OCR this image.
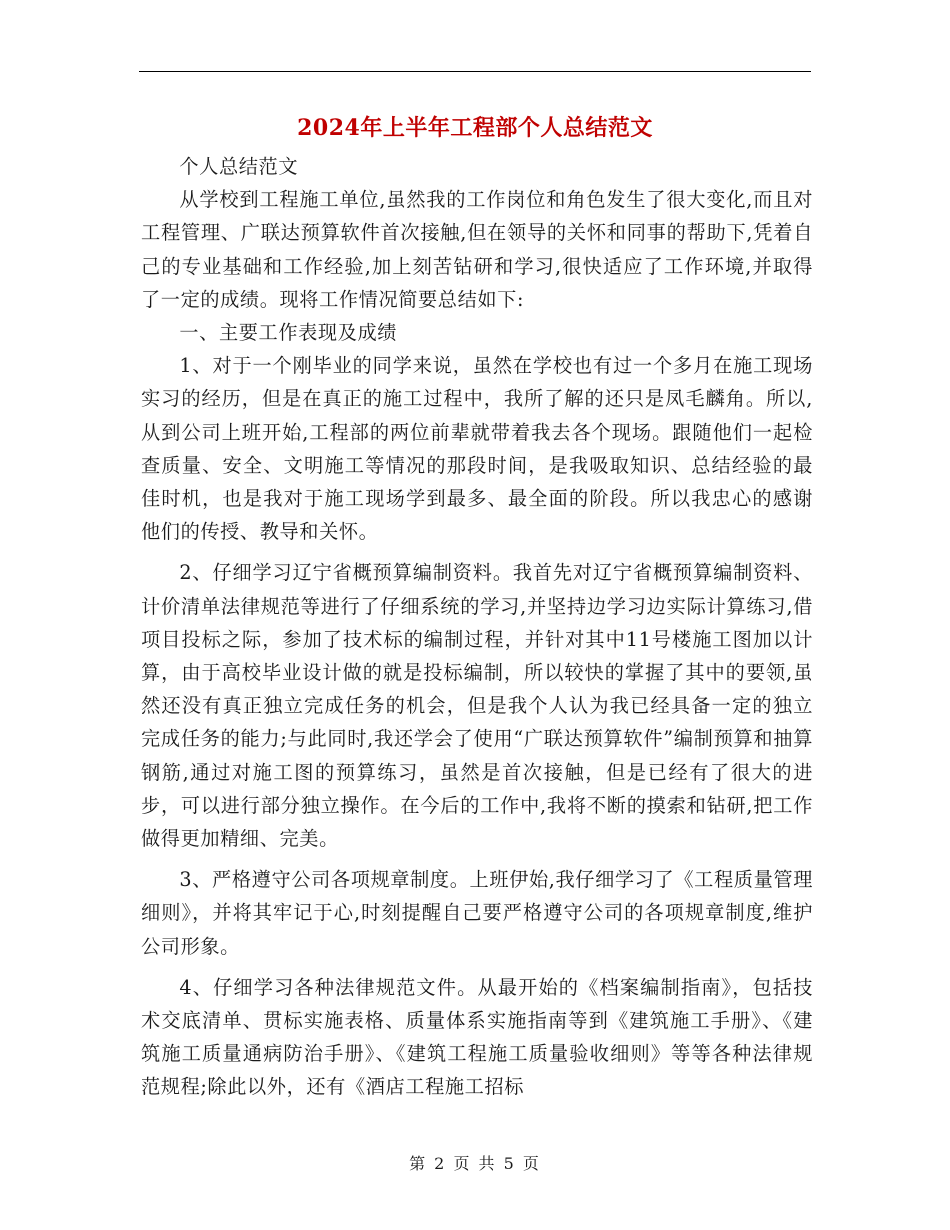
2024年上半年工程部个人总结范文

个人总结范文

从学校到工程施工单位,虽然我的工作岗位和角色发生了很大变化,而且对工程管理、广联达预算软件首次接触,但在领导的关怀和同事的帮助下,凭着自己的专业基础和工作经验,加上刻苦钻研和学习,很快适应了工作环境,并取得了一定的成绩。现将工作情况简要总结如下:

一、主要工作表现及成绩

1、对于一个刚毕业的同学来说，虽然在学校也有过一个多月在施工现场实习的经历，但是在真正的施工过程中，我所了解的还只是凤毛麟角。所以,从到公司上班开始,工程部的两位前辈就带着我去各个现场。跟随他们一起检查质量、安全、文明施工等情况的那段时间，是我吸取知识、总结经验的最佳时机，也是我对于施工现场学到最多、最全面的阶段。所以我忠心的感谢他们的传授、教导和关怀。

2、仔细学习辽宁省概预算编制资料。我首先对辽宁省概预算编制资料、计价清单法律规范等进行了仔细系统的学习,并坚持边学习边实际计算练习,借项目投标之际，参加了技术标的编制过程，并针对其中11号楼施工图加以计算，由于高校毕业设计做的就是投标编制，所以较快的掌握了其中的要领,虽然还没有真正独立完成任务的机会，但是我个人认为我已经具备一定的独立完成任务的能力;与此同时,我还学会了使用“广联达预算软件”编制预算和抽算钢筋,通过对施工图的预算练习，虽然是首次接触，但是已经有了很大的进步，可以进行部分独立操作。在今后的工作中,我将不断的摸索和钻研,把工作做得更加精细、完美。

3、严格遵守公司各项规章制度。上班伊始,我仔细学习了《工程质量管理细则》，并将其牢记于心,时刻提醒自己要严格遵守公司的各项规章制度,维护公司形象。

4、仔细学习各种法律规范文件。从最开始的《档案编制指南》，包括技术交底清单、贯标实施表格、质量体系实施指南等到《建筑施工手册》、《建筑施工质量通病防治手册》、《建筑工程施工质量验收细则》等等各种法律规范规程;除此以外，还有《酒店工程施工招标

第 2 页 共 5 页
